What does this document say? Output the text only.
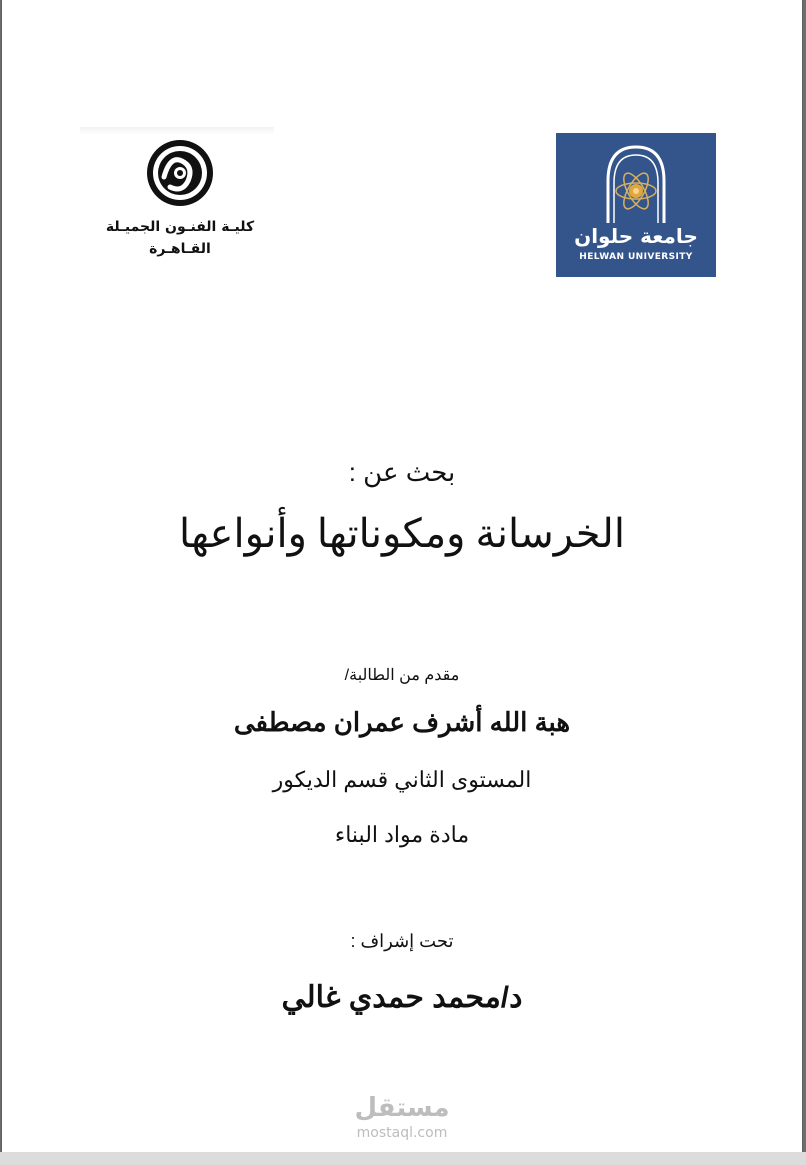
كليـة الفنـون الجميـلة
القـاهـرة
جامعة حلوان
HELWAN UNIVERSITY
بحث عن :
الخرسانة ومكوناتها وأنواعها
مقدم من الطالبة/
هبة الله أشرف عمران مصطفى
المستوى الثاني قسم الديكور
مادة مواد البناء
تحت إشراف :
د/محمد حمدي غالي
مستقل
mostaql.com
